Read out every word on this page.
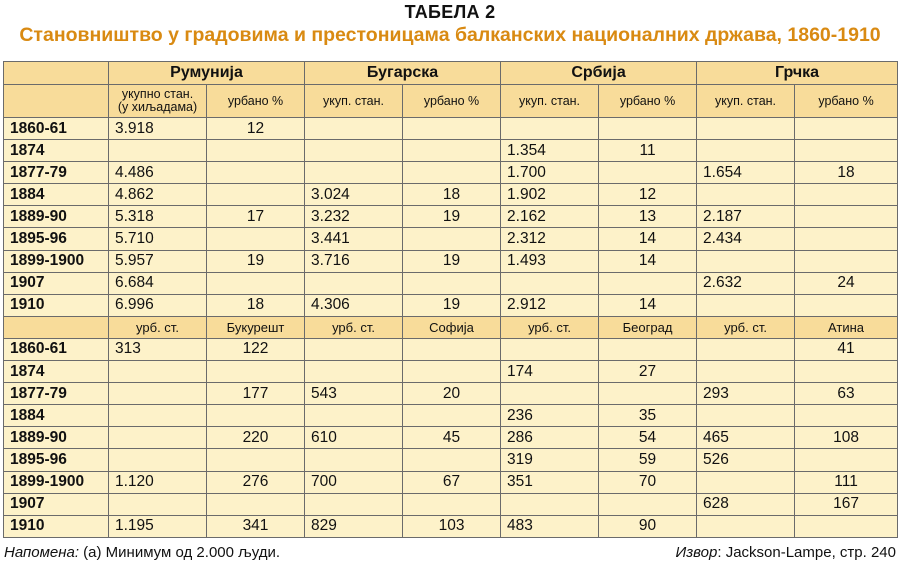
ТАБЕЛА 2
Становништво у градовима и престоницама балканских националних држава, 1860-1910
	Румунија		Бугарска		Србија		Грчка	
	укупно стан.
(у хиљадама)	урбано %	укуп. стан.	урбано %	укуп. стан.	урбано %	укуп. стан.	урбано %
1860-61	3.918	12						
1874					1.354	11		
1877-79	4.486				1.700		1.654	18
1884	4.862		3.024	18	1.902	12		
1889-90	5.318	17	3.232	19	2.162	13	2.187	
1895-96	5.710		3.441		2.312	14	2.434	
1899-1900	5.957	19	3.716	19	1.493	14		
1907	6.684						2.632	24
1910	6.996	18	4.306	19	2.912	14		
	урб. ст.	Букурешт	урб. ст.	Софија	урб. ст.	Београд	урб. ст.	Атина
1860-61	313	122						41
1874					174	27		
1877-79		177	543	20			293	63
1884					236	35		
1889-90		220	610	45	286	54	465	108
1895-96					319	59	526	
1899-1900	1.120	276	700	67	351	70		111
1907							628	167
1910	1.195	341	829	103	483	90		
Напомена: (а) Минимум од 2.000 људи.	Извор: Jackson-Lampe, стр. 240
